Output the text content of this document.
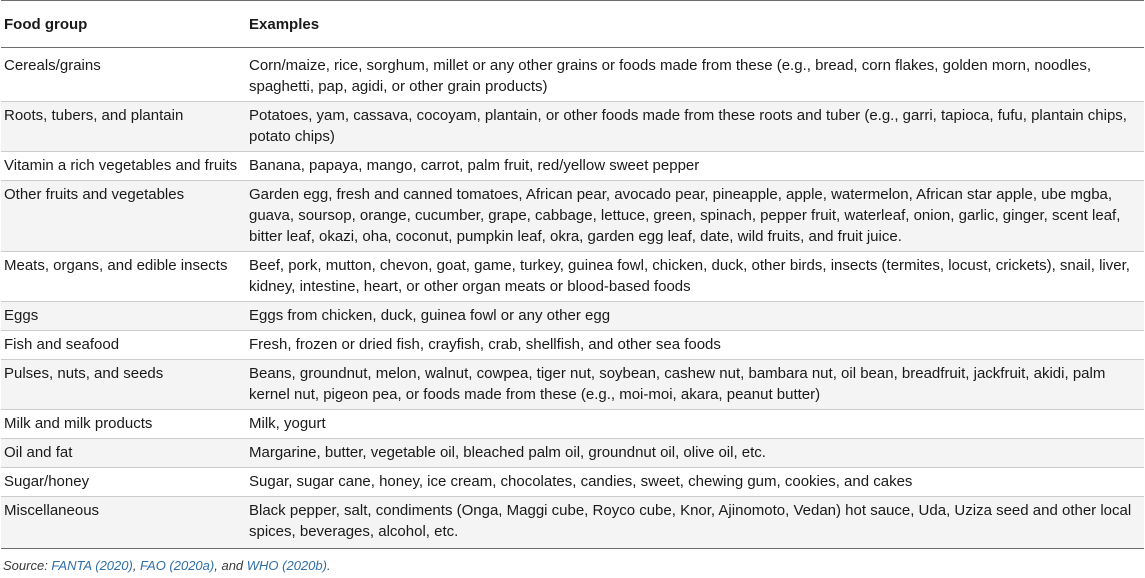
Food group	Examples
Cereals/grains	Corn/maize, rice, sorghum, millet or any other grains or foods made from these (e.g., bread, corn flakes, golden morn, noodles, spaghetti, pap, agidi, or other grain products)
Roots, tubers, and plantain	Potatoes, yam, cassava, cocoyam, plantain, or other foods made from these roots and tuber (e.g., garri, tapioca, fufu, plantain chips, potato chips)
Vitamin a rich vegetables and fruits	Banana, papaya, mango, carrot, palm fruit, red/yellow sweet pepper
Other fruits and vegetables	Garden egg, fresh and canned tomatoes, African pear, avocado pear, pineapple, apple, watermelon, African star apple, ube mgba, guava, soursop, orange, cucumber, grape, cabbage, lettuce, green, spinach, pepper fruit, waterleaf, onion, garlic, ginger, scent leaf, bitter leaf, okazi, oha, coconut, pumpkin leaf, okra, garden egg leaf, date, wild fruits, and fruit juice.
Meats, organs, and edible insects	Beef, pork, mutton, chevon, goat, game, turkey, guinea fowl, chicken, duck, other birds, insects (termites, locust, crickets), snail, liver, kidney, intestine, heart, or other organ meats or blood-based foods
Eggs	Eggs from chicken, duck, guinea fowl or any other egg
Fish and seafood	Fresh, frozen or dried fish, crayfish, crab, shellfish, and other sea foods
Pulses, nuts, and seeds	Beans, groundnut, melon, walnut, cowpea, tiger nut, soybean, cashew nut, bambara nut, oil bean, breadfruit, jackfruit, akidi, palm kernel nut, pigeon pea, or foods made from these (e.g., moi-moi, akara, peanut butter)
Milk and milk products	Milk, yogurt
Oil and fat	Margarine, butter, vegetable oil, bleached palm oil, groundnut oil, olive oil, etc.
Sugar/honey	Sugar, sugar cane, honey, ice cream, chocolates, candies, sweet, chewing gum, cookies, and cakes
Miscellaneous	Black pepper, salt, condiments (Onga, Maggi cube, Royco cube, Knor, Ajinomoto, Vedan) hot sauce, Uda, Uziza seed and other local spices, beverages, alcohol, etc.
Source: FANTA (2020), FAO (2020a), and WHO (2020b).
